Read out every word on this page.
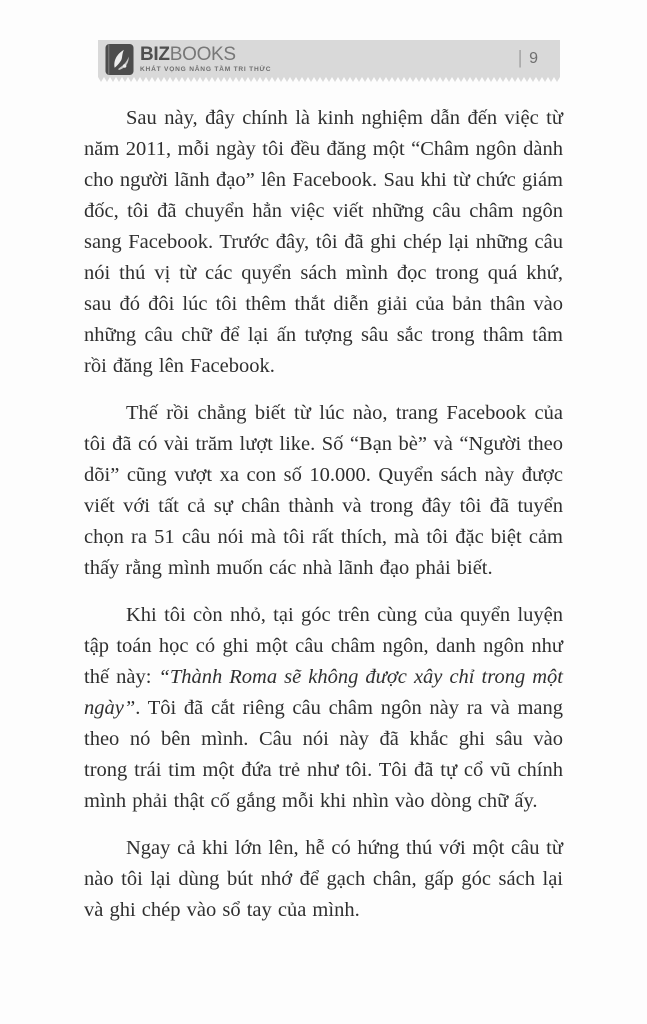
BIZBOOKS
KHÁT VỌNG NÂNG TẦM TRI THỨC
| 9

Sau này, đây chính là kinh nghiệm dẫn đến việc từ năm 2011, mỗi ngày tôi đều đăng một “Châm ngôn dành cho người lãnh đạo” lên Facebook. Sau khi từ chức giám đốc, tôi đã chuyển hẳn việc viết những câu châm ngôn sang Facebook. Trước đây, tôi đã ghi chép lại những câu nói thú vị từ các quyển sách mình đọc trong quá khứ, sau đó đôi lúc tôi thêm thắt diễn giải của bản thân vào những câu chữ để lại ấn tượng sâu sắc trong thâm tâm rồi đăng lên Facebook.

Thế rồi chẳng biết từ lúc nào, trang Facebook của tôi đã có vài trăm lượt like. Số “Bạn bè” và “Người theo dõi” cũng vượt xa con số 10.000. Quyển sách này được viết với tất cả sự chân thành và trong đây tôi đã tuyển chọn ra 51 câu nói mà tôi rất thích, mà tôi đặc biệt cảm thấy rằng mình muốn các nhà lãnh đạo phải biết.

Khi tôi còn nhỏ, tại góc trên cùng của quyển luyện tập toán học có ghi một câu châm ngôn, danh ngôn như thế này: “Thành Roma sẽ không được xây chỉ trong một ngày”. Tôi đã cắt riêng câu châm ngôn này ra và mang theo nó bên mình. Câu nói này đã khắc ghi sâu vào trong trái tim một đứa trẻ như tôi. Tôi đã tự cổ vũ chính mình phải thật cố gắng mỗi khi nhìn vào dòng chữ ấy.

Ngay cả khi lớn lên, hễ có hứng thú với một câu từ nào tôi lại dùng bút nhớ để gạch chân, gấp góc sách lại và ghi chép vào sổ tay của mình.
